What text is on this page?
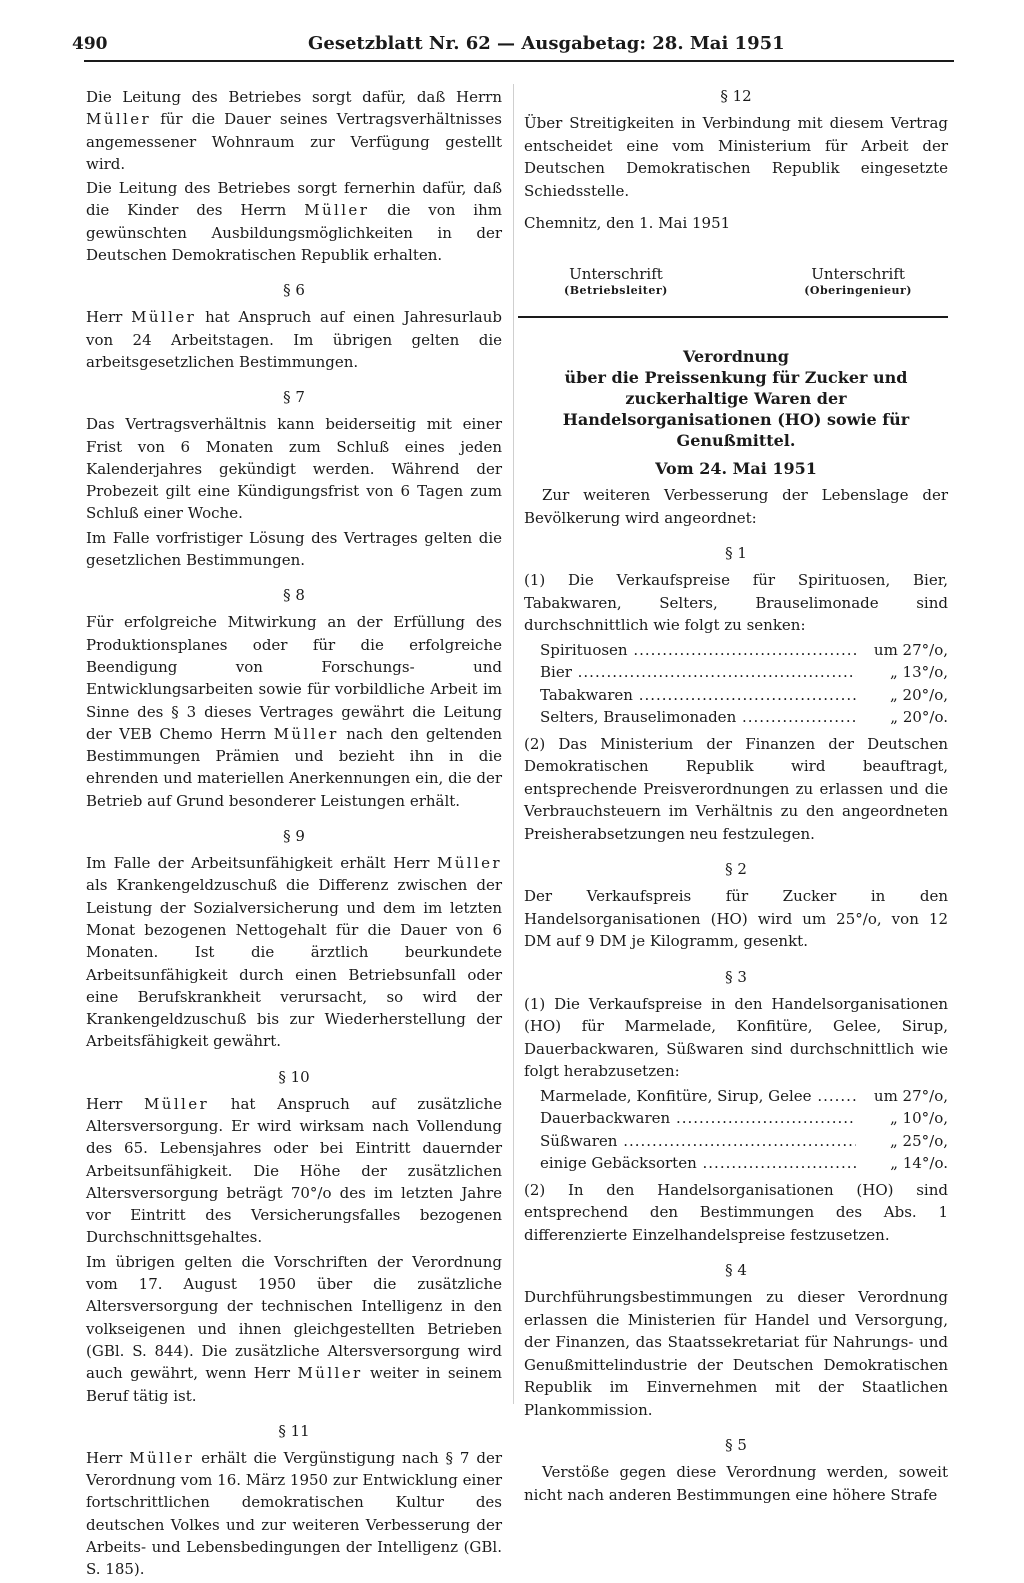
490	Gesetzblatt Nr. 62 — Ausgabetag: 28. Mai 1951

Die Leitung des Betriebes sorgt dafür, daß Herrn Müller für die Dauer seines Vertragsverhältnisses angemessener Wohnraum zur Verfügung gestellt wird.

Die Leitung des Betriebes sorgt fernerhin dafür, daß die Kinder des Herrn Müller die von ihm gewünschten Ausbildungsmöglichkeiten in der Deutschen Demokratischen Republik erhalten.

§ 6

Herr Müller hat Anspruch auf einen Jahresurlaub von 24 Arbeitstagen. Im übrigen gelten die arbeitsgesetzlichen Bestimmungen.

§ 7

Das Vertragsverhältnis kann beiderseitig mit einer Frist von 6 Monaten zum Schluß eines jeden Kalenderjahres gekündigt werden. Während der Probezeit gilt eine Kündigungsfrist von 6 Tagen zum Schluß einer Woche.

Im Falle vorfristiger Lösung des Vertrages gelten die gesetzlichen Bestimmungen.

§ 8

Für erfolgreiche Mitwirkung an der Erfüllung des Produktionsplanes oder für die erfolgreiche Beendigung von Forschungs- und Entwicklungsarbeiten sowie für vorbildliche Arbeit im Sinne des § 3 dieses Vertrages gewährt die Leitung der VEB Chemo Herrn Müller nach den geltenden Bestimmungen Prämien und bezieht ihn in die ehrenden und materiellen Anerkennungen ein, die der Betrieb auf Grund besonderer Leistungen erhält.

§ 9

Im Falle der Arbeitsunfähigkeit erhält Herr Müller als Krankengeldzuschuß die Differenz zwischen der Leistung der Sozialversicherung und dem im letzten Monat bezogenen Nettogehalt für die Dauer von 6 Monaten. Ist die ärztlich beurkundete Arbeitsunfähigkeit durch einen Betriebsunfall oder eine Berufskrankheit verursacht, so wird der Krankengeldzuschuß bis zur Wiederherstellung der Arbeitsfähigkeit gewährt.

§ 10

Herr Müller hat Anspruch auf zusätzliche Altersversorgung. Er wird wirksam nach Vollendung des 65. Lebensjahres oder bei Eintritt dauernder Arbeitsunfähigkeit. Die Höhe der zusätzlichen Altersversorgung beträgt 70°/o des im letzten Jahre vor Eintritt des Versicherungsfalles bezogenen Durchschnittsgehaltes.

Im übrigen gelten die Vorschriften der Verordnung vom 17. August 1950 über die zusätzliche Altersversorgung der technischen Intelligenz in den volkseigenen und ihnen gleichgestellten Betrieben (GBl. S. 844). Die zusätzliche Altersversorgung wird auch gewährt, wenn Herr Müller weiter in seinem Beruf tätig ist.

§ 11

Herr Müller erhält die Vergünstigung nach § 7 der Verordnung vom 16. März 1950 zur Entwicklung einer fortschrittlichen demokratischen Kultur des deutschen Volkes und zur weiteren Verbesserung der Arbeits- und Lebensbedingungen der Intelligenz (GBl. S. 185).

§ 12

Über Streitigkeiten in Verbindung mit diesem Vertrag entscheidet eine vom Ministerium für Arbeit der Deutschen Demokratischen Republik eingesetzte Schiedsstelle.

Chemnitz, den 1. Mai 1951

Unterschrift
(Betriebsleiter)
Unterschrift
(Oberingenieur)
Verordnung
über die Preissenkung für Zucker und zuckerhaltige Waren der Handelsorganisationen (HO) sowie für Genußmittel.
Vom 24. Mai 1951

Zur weiteren Verbesserung der Lebenslage der Bevölkerung wird angeordnet:

§ 1

(1) Die Verkaufspreise für Spirituosen, Bier, Tabakwaren, Selters, Brauselimonade sind durchschnittlich wie folgt zu senken:

Spirituosen .....	um 27°/o,
Bier .....	„ 13°/o,
Tabakwaren .....	„ 20°/o,
Selters, Brauselimonaden .....	„ 20°/o.

(2) Das Ministerium der Finanzen der Deutschen Demokratischen Republik wird beauftragt, entsprechende Preisverordnungen zu erlassen und die Verbrauchsteuern im Verhältnis zu den angeordneten Preisherabsetzungen neu festzulegen.

§ 2

Der Verkaufspreis für Zucker in den Handelsorganisationen (HO) wird um 25°/o, von 12 DM auf 9 DM je Kilogramm, gesenkt.

§ 3

(1) Die Verkaufspreise in den Handelsorganisationen (HO) für Marmelade, Konfitüre, Gelee, Sirup, Dauerbackwaren, Süßwaren sind durchschnittlich wie folgt herabzusetzen:

Marmelade, Konfitüre, Sirup, Gelee .....	um 27°/o,
Dauerbackwaren .....	„ 10°/o,
Süßwaren .....	„ 25°/o,
einige Gebäcksorten .....	„ 14°/o.

(2) In den Handelsorganisationen (HO) sind entsprechend den Bestimmungen des Abs. 1 differenzierte Einzelhandelspreise festzusetzen.

§ 4

Durchführungsbestimmungen zu dieser Verordnung erlassen die Ministerien für Handel und Versorgung, der Finanzen, das Staatssekretariat für Nahrungs- und Genußmittelindustrie der Deutschen Demokratischen Republik im Einvernehmen mit der Staatlichen Plankommission.

§ 5

Verstöße gegen diese Verordnung werden, soweit nicht nach anderen Bestimmungen eine höhere Strafe
